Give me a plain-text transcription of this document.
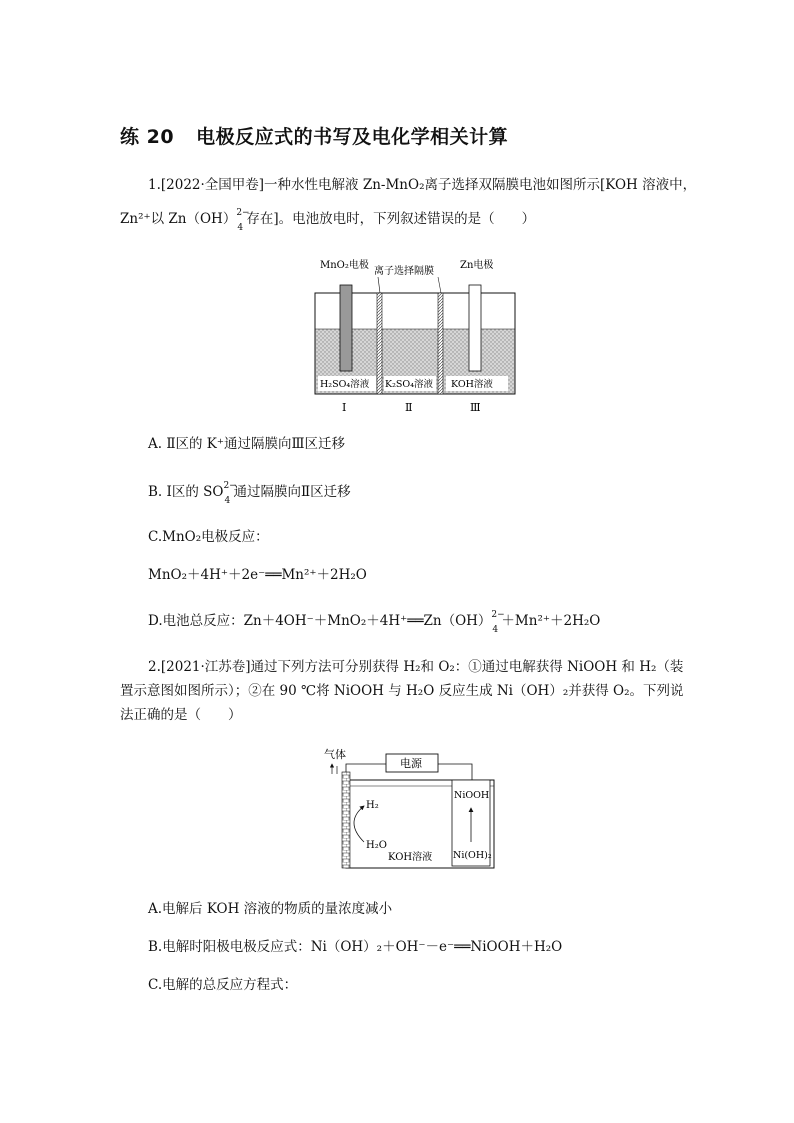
练 20 电极反应式的书写及电化学相关计算
1.[2022·全国甲卷]一种水性电解液 Zn-MnO₂离子选择双隔膜电池如图所示[KOH 溶液中，
Zn²⁺以 Zn（OH） 2−
4
存在]。电池放电时，下列叙述错误的是（　　）
MnO₂电极
离子选择隔膜
Zn电极
H₂SO₄溶液 K₂SO₄溶液 KOH溶液
Ⅰ	Ⅱ	Ⅲ
A. Ⅱ区的 K⁺通过隔膜向Ⅲ区迁移
B. Ⅰ区的 SO 2−
4
通过隔膜向Ⅱ区迁移
C.MnO₂电极反应：
MnO₂＋4H⁺＋2e⁻══Mn²⁺＋2H₂O
D.电池总反应：Zn＋4OH⁻＋MnO₂＋4H⁺══Zn（OH） 2−
4
＋Mn²⁺＋2H₂O
2.[2021·江苏卷]通过下列方法可分别获得 H₂和 O₂：①通过电解获得 NiOOH 和 H₂（装
置示意图如图所示）；②在 90 ℃将 NiOOH 与 H₂O 反应生成 Ni（OH）₂并获得 O₂。下列说
法正确的是（　　）
气体
电源
H₂
H₂O
KOH溶液
NiOOH
Ni(OH)₂
A.电解后 KOH 溶液的物质的量浓度减小
B.电解时阳极电极反应式：Ni（OH）₂＋OH⁻－e⁻══NiOOH＋H₂O
C.电解的总反应方程式：
